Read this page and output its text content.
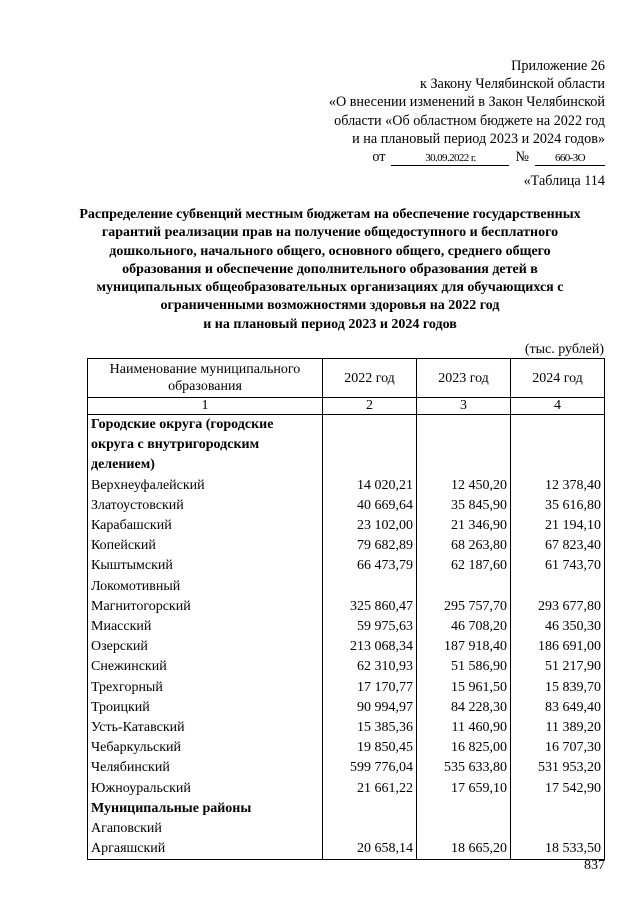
Приложение 26
к Закону Челябинской области
«О внесении изменений в Закон Челябинской
области «Об областном бюджете на 2022 год
и на плановый период 2023 и 2024 годов»
от	30.09.2022 г.	№	660-ЗО
«Таблица 114
Распределение субвенций местным бюджетам на обеспечение государственных
гарантий реализации прав на получение общедоступного и бесплатного
дошкольного, начального общего, основного общего, среднего общего
образования и обеспечение дополнительного образования детей в
муниципальных общеобразовательных организациях для обучающихся с
ограниченными возможностями здоровья на 2022 год
и на плановый период 2023 и 2024 годов
(тыс. рублей)
Наименование муниципального образования	2022 год	2023 год	2024 год
1	2	3	4
Городские округа (городские округа с внутригородским делением)			
Верхнеуфалейский	14 020,21	12 450,20	12 378,40
Златоустовский	40 669,64	35 845,90	35 616,80
Карабашский	23 102,00	21 346,90	21 194,10
Копейский	79 682,89	68 263,80	67 823,40
Кыштымский	66 473,79	62 187,60	61 743,70
Локомотивный			
Магнитогорский	325 860,47	295 757,70	293 677,80
Миасский	59 975,63	46 708,20	46 350,30
Озерский	213 068,34	187 918,40	186 691,00
Снежинский	62 310,93	51 586,90	51 217,90
Трехгорный	17 170,77	15 961,50	15 839,70
Троицкий	90 994,97	84 228,30	83 649,40
Усть-Катавский	15 385,36	11 460,90	11 389,20
Чебаркульский	19 850,45	16 825,00	16 707,30
Челябинский	599 776,04	535 633,80	531 953,20
Южноуральский	21 661,22	17 659,10	17 542,90
Муниципальные районы			
Агаповский			
Аргаяшский	20 658,14	18 665,20	18 533,50
837
